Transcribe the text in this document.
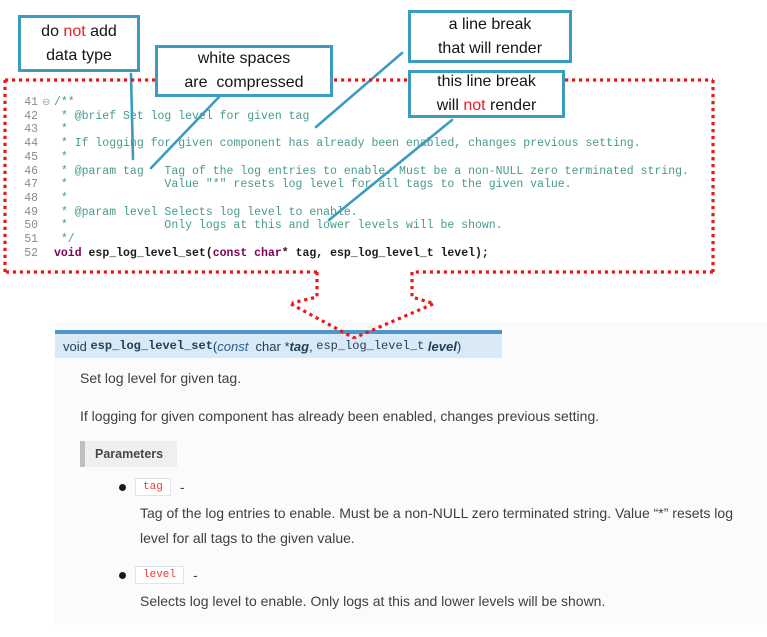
do not add
data type	white spaces
are  compressed
a line break
that will render
this line break
will not render
41 ⊖ /**
42	* @brief Set log level for given tag
43	*
44	* If logging for given component has already been enabled, changes previous setting.
45	*
46	* @param tag   Tag of the log entries to enable. Must be a non-NULL zero terminated string.
47	*              Value "*" resets log level for all tags to the given value.
48	*
49	* @param level Selects log level to enable.
50	*              Only logs at this and lower levels will be shown.
51	*/
52	void esp_log_level_set( const
char * tag, esp_log_level_t level);
void esp_log_level_set ( const
char * tag , esp_log_level_t
level )
Set log level for given tag.
If logging for given component has already been enabled, changes previous setting.
Parameters
tag	-
Tag of the log entries to enable. Must be a non-NULL zero terminated string. Value “*” resets log level for all tags to the given value.
level	-
Selects log level to enable. Only logs at this and lower levels will be shown.
